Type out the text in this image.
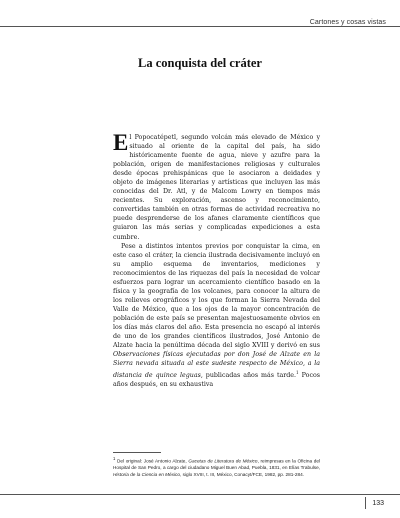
Cartones y cosas vistas
La conquista del cráter

El Popocatépetl, segundo volcán más elevado de México y situado al oriente de la capital del país, ha sido históricamente fuente de agua, nieve y azufre para la población, origen de manifestaciones religiosas y culturales desde épocas prehispánicas que le asociaron a deidades y objeto de imágenes literarias y artísticas que incluyen las más conocidas del Dr. Atl, y de Malcom Lowry en tiempos más recientes. Su exploración, ascenso y reconocimiento, convertidas también en otras formas de actividad recreativa no puede desprenderse de los afanes claramente científicos que guiaron las más serias y complicadas expediciones a esta cumbre.

Pese a distintos intentos previos por conquistar la cima, en este caso el cráter, la ciencia ilustrada decisivamente incluyó en su amplio esquema de inventarios, mediciones y reconocimientos de las riquezas del país la necesidad de volcar esfuerzos para lograr un acercamiento científico basado en la física y la geografía de los volcanes, para conocer la altura de los relieves orográficos y los que forman la Sierra Nevada del Valle de México, que a los ojos de la mayor concentración de población de este país se presentan majestuosamente obvios en los días más claros del año. Esta presencia no escapó al interés de uno de los grandes científicos ilustrados, José Antonio de Alzate hacia la penúltima década del siglo XVIII y derivó en sus Observaciones físicas ejecutadas por don José de Alzate en la Sierra nevada situada al este sudeste respecto de México, a la distancia de quince leguas, publicadas años más tarde.$^1$ Pocos años después, en su exhaustiva

$^1$ Del original: José Antonio Alzate, Gacetas de Literatura de México, reimpresas en la Oficina del Hospital de San Pedro, a cargo del ciudadano Miguel Buen Abad, Puebla, 1831, en Elías Trabulse, Historia de la Ciencia en México, siglo XVIII, t. III, México, Conacyt/FCE, 1982, pp. 281-284.

133
